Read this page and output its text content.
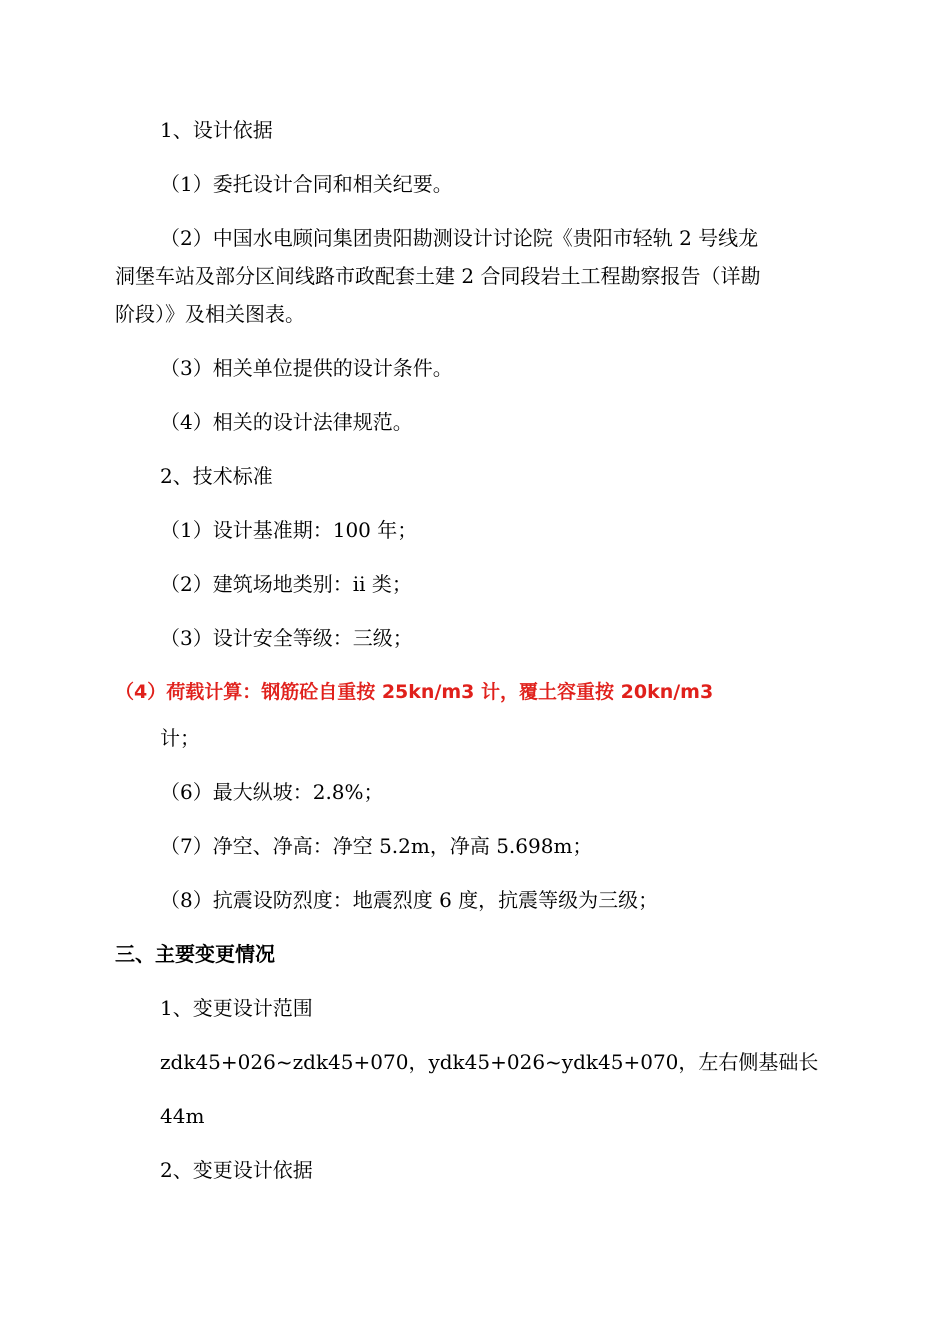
1、设计依据

（1）委托设计合同和相关纪要。

（2）中国水电顾问集团贵阳勘测设计讨论院《贵阳市轻轨 2 号线龙

洞堡车站及部分区间线路市政配套土建 2 合同段岩土工程勘察报告（详勘

阶段）》及相关图表。

（3）相关单位提供的设计条件。

（4）相关的设计法律规范。

2、技术标准

（1）设计基准期：100 年；

（2）建筑场地类别：ii 类；

（3）设计安全等级：三级；

（4）荷载计算：钢筋砼自重按 25kn/m3 计，覆土容重按 20kn/m3

计；

（6）最大纵坡：2.8%；

（7）净空、净高：净空 5.2m，净高 5.698m；

（8）抗震设防烈度：地震烈度 6 度，抗震等级为三级；

三、主要变更情况

1、变更设计范围

zdk45+026~zdk45+070，ydk45+026~ydk45+070，左右侧基础长

44m

2、变更设计依据
